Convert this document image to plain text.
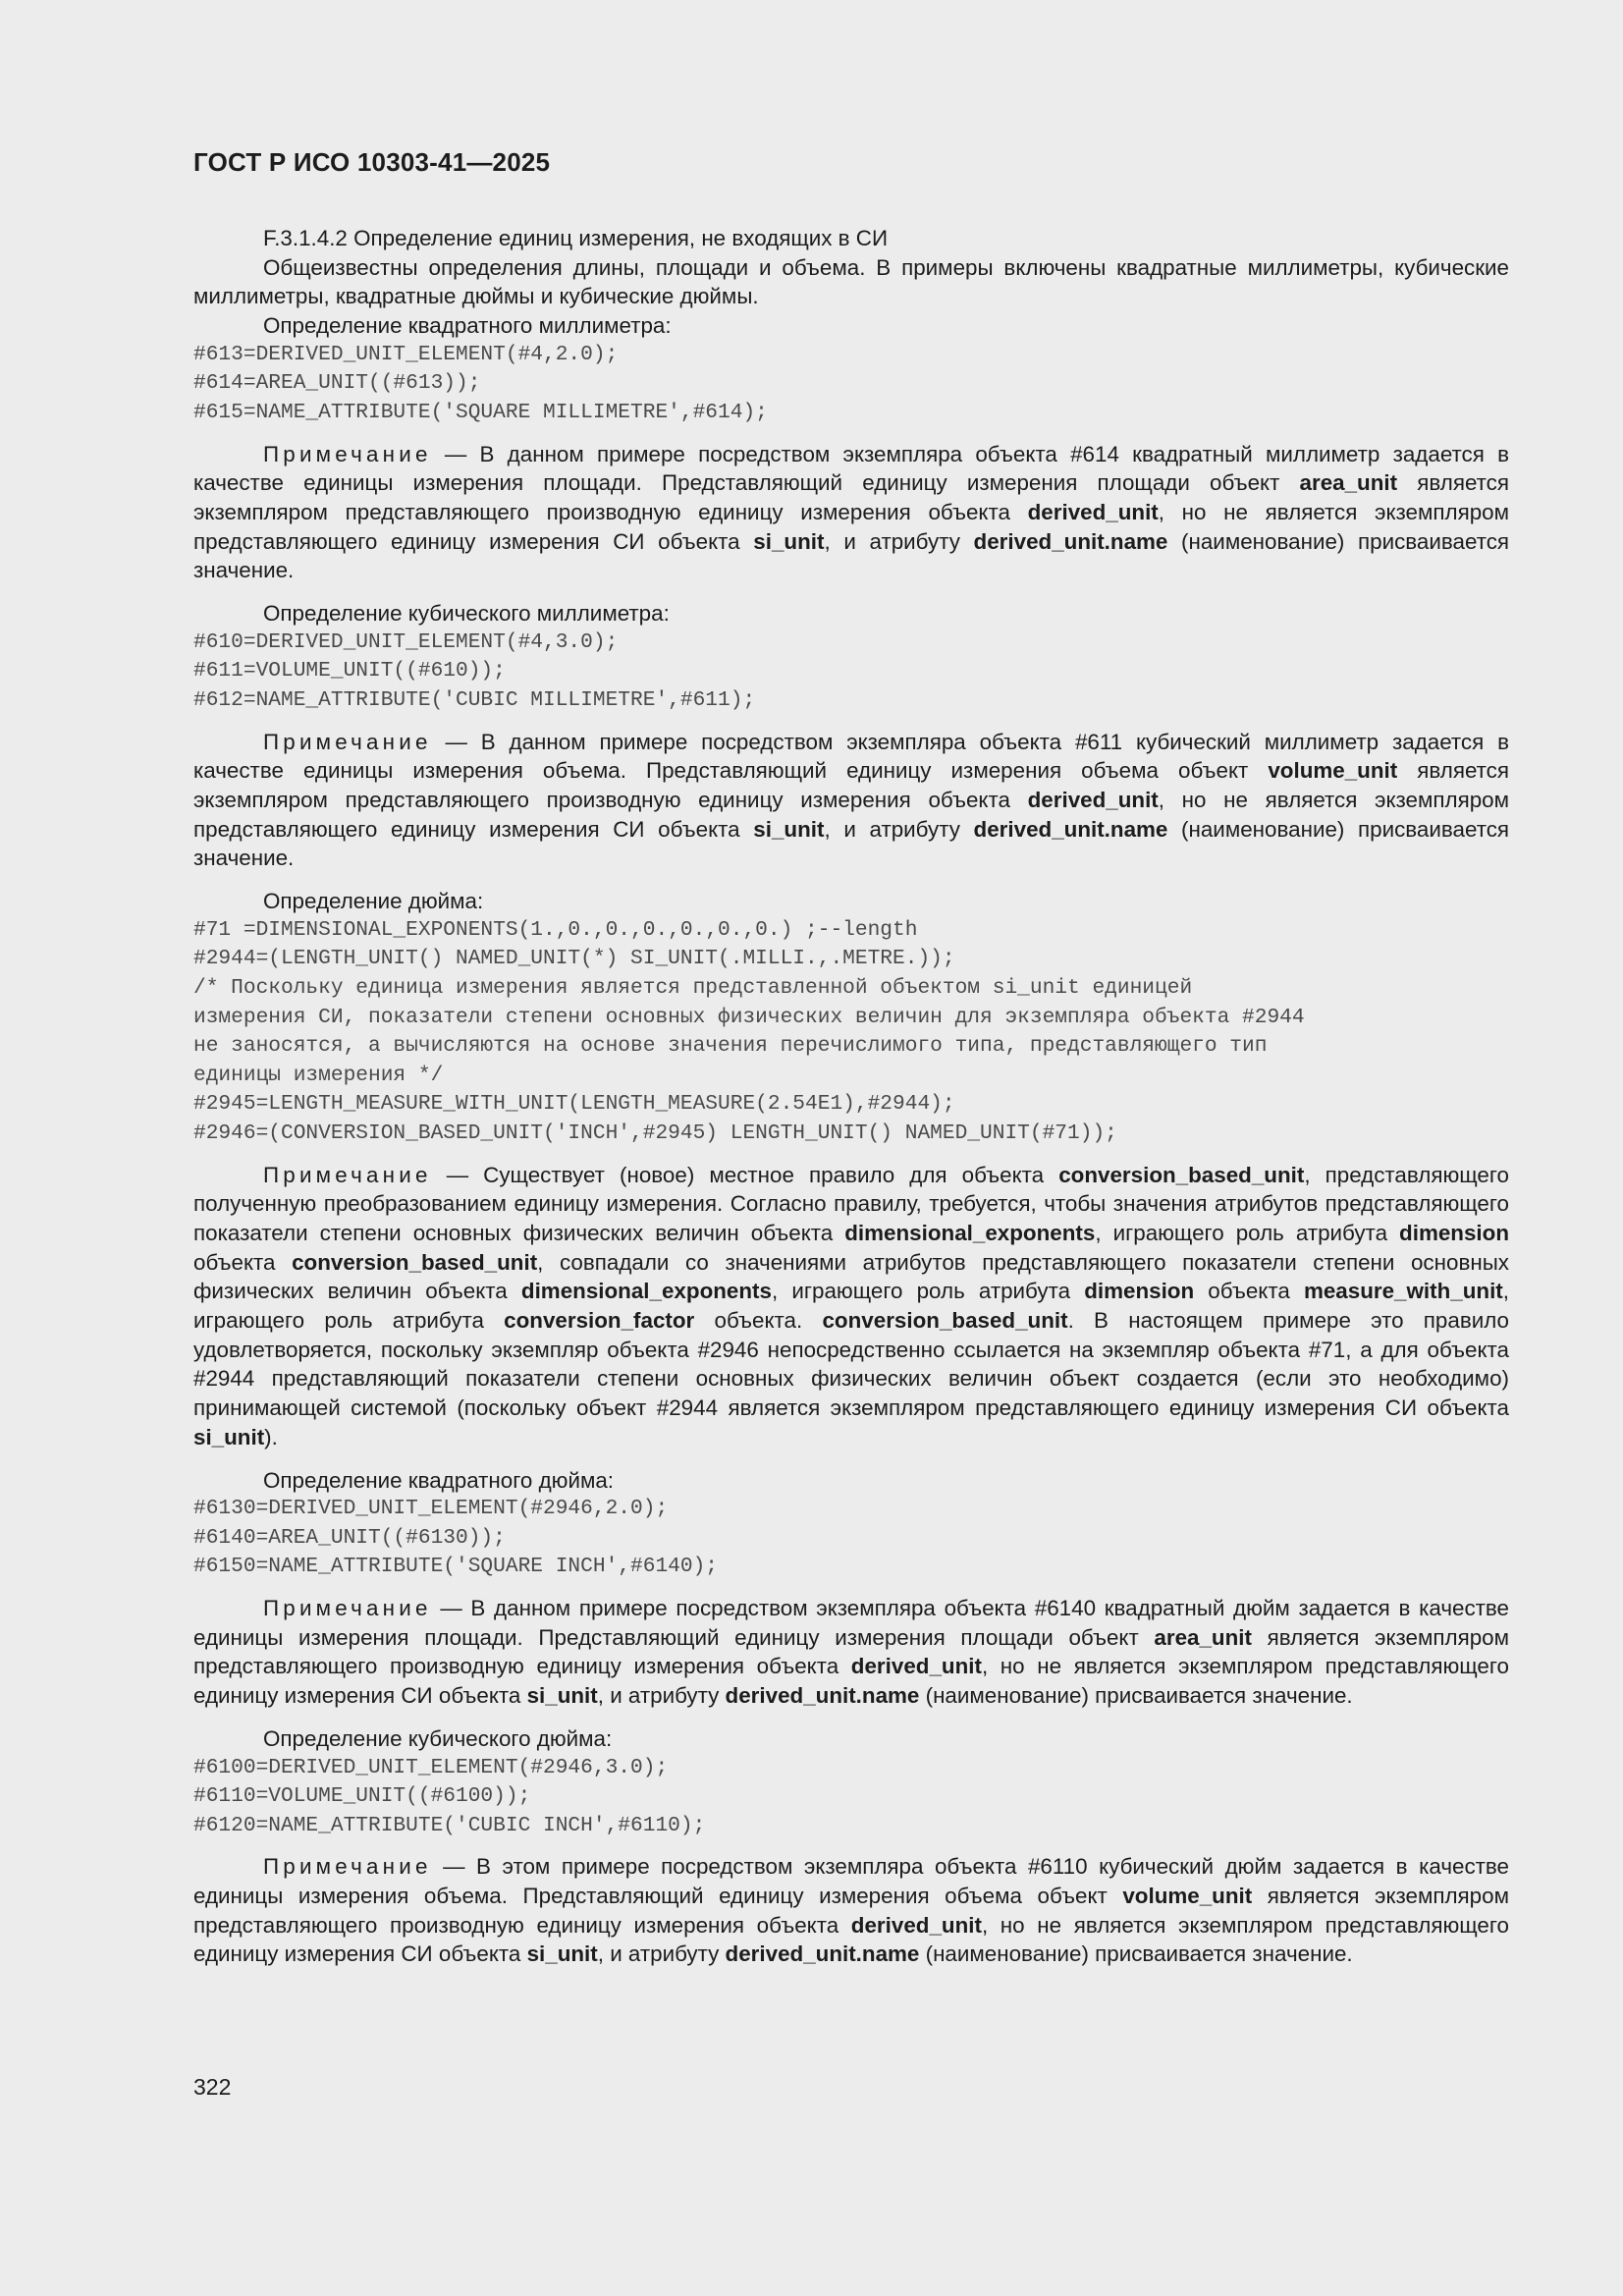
ГОСТ Р ИСО 10303-41—2025

F.3.1.4.2 Определение единиц измерения, не входящих в СИ

Общеизвестны определения длины, площади и объема. В примеры включены квадратные миллиметры, кубические миллиметры, квадратные дюймы и кубические дюймы.

Определение квадратного миллиметра:

#613=DERIVED_UNIT_ELEMENT(#4,2.0);
#614=AREA_UNIT((#613));
#615=NAME_ATTRIBUTE('SQUARE MILLIMETRE',#614);

Примечание — В данном примере посредством экземпляра объекта #614 квадратный миллиметр задается в качестве единицы измерения площади. Представляющий единицу измерения площади объект area_unit является экземпляром представляющего производную единицу измерения объекта derived_unit, но не является экземпляром представляющего единицу измерения СИ объекта si_unit, и атрибуту derived_unit.name (наименование) присваивается значение.

Определение кубического миллиметра:

#610=DERIVED_UNIT_ELEMENT(#4,3.0);
#611=VOLUME_UNIT((#610));
#612=NAME_ATTRIBUTE('CUBIC MILLIMETRE',#611);

Примечание — В данном примере посредством экземпляра объекта #611 кубический миллиметр задается в качестве единицы измерения объема. Представляющий единицу измерения объема объект volume_unit является экземпляром представляющего производную единицу измерения объекта derived_unit, но не является экземпляром представляющего единицу измерения СИ объекта si_unit, и атрибуту derived_unit.name (наименование) присваивается значение.

Определение дюйма:

#71 =DIMENSIONAL_EXPONENTS(1.,0.,0.,0.,0.,0.,0.) ;--length
#2944=(LENGTH_UNIT() NAMED_UNIT(*) SI_UNIT(.MILLI.,.METRE.));
/* Поскольку единица измерения является представленной объектом si_unit единицей
измерения СИ, показатели степени основных физических величин для экземпляра объекта #2944
не заносятся, а вычисляются на основе значения перечислимого типа, представляющего тип
единицы измерения */
#2945=LENGTH_MEASURE_WITH_UNIT(LENGTH_MEASURE(2.54E1),#2944);
#2946=(CONVERSION_BASED_UNIT('INCH',#2945) LENGTH_UNIT() NAMED_UNIT(#71));

Примечание — Существует (новое) местное правило для объекта conversion_based_unit, представляющего полученную преобразованием единицу измерения. Согласно правилу, требуется, чтобы значения атрибутов представляющего показатели степени основных физических величин объекта dimensional_exponents, играющего роль атрибута dimension объекта conversion_based_unit, совпадали со значениями атрибутов представляющего показатели степени основных физических величин объекта dimensional_exponents, играющего роль атрибута dimension объекта measure_with_unit, играющего роль атрибута conversion_factor объекта. conversion_based_unit. В настоящем примере это правило удовлетворяется, поскольку экземпляр объекта #2946 непосредственно ссылается на экземпляр объекта #71, а для объекта #2944 представляющий показатели степени основных физических величин объект создается (если это необходимо) принимающей системой (поскольку объект #2944 является экземпляром представляющего единицу измерения СИ объекта si_unit).

Определение квадратного дюйма:

#6130=DERIVED_UNIT_ELEMENT(#2946,2.0);
#6140=AREA_UNIT((#6130));
#6150=NAME_ATTRIBUTE('SQUARE INCH',#6140);

Примечание — В данном примере посредством экземпляра объекта #6140 квадратный дюйм задается в качестве единицы измерения площади. Представляющий единицу измерения площади объект area_unit является экземпляром представляющего производную единицу измерения объекта derived_unit, но не является экземпляром представляющего единицу измерения СИ объекта si_unit, и атрибуту derived_unit.name (наименование) присваивается значение.

Определение кубического дюйма:

#6100=DERIVED_UNIT_ELEMENT(#2946,3.0);
#6110=VOLUME_UNIT((#6100));
#6120=NAME_ATTRIBUTE('CUBIC INCH',#6110);

Примечание — В этом примере посредством экземпляра объекта #6110 кубический дюйм задается в качестве единицы измерения объема. Представляющий единицу измерения объема объект volume_unit является экземпляром представляющего производную единицу измерения объекта derived_unit, но не является экземпляром представляющего единицу измерения СИ объекта si_unit, и атрибуту derived_unit.name (наименование) присваивается значение.

322
